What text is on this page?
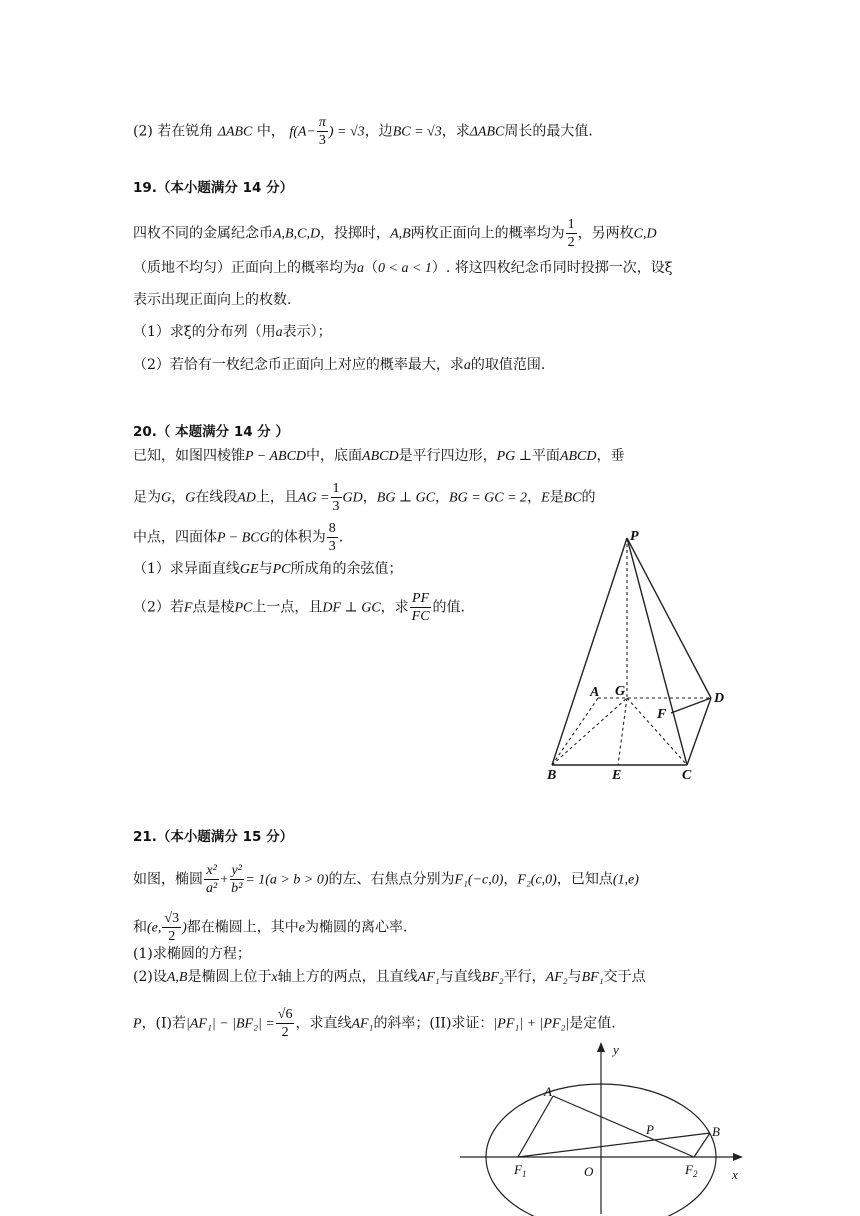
(2) 若在锐角 ΔABC 中， $f(A- \frac{\pi}{3}$ ) = √3，边BC = √3，求ΔABC周长的最大值.
19.（本小题满分 14 分）
四枚不同的金属纪念币A,B,C,D，投掷时，A,B两枚正面向上的概率均为 $\frac{1}{2}$ ，另两枚C,D
（质地不均匀）正面向上的概率均为a（0 < a < 1）. 将这四枚纪念币同时投掷一次，设ξ
表示出现正面向上的枚数.
（1）求ξ的分布列（用a表示）；
（2）若恰有一枚纪念币正面向上对应的概率最大，求a的取值范围.
20.（ 本题满分 14 分 ）
已知，如图四棱锥P − ABCD中，底面ABCD是平行四边形，PG ⊥平面ABCD，垂
足为G，G在线段AD上，且AG = $\frac{1}{3}$ GD，BG ⊥ GC，BG = GC = 2，E是BC的
中点，四面体P − BCG的体积为 $\frac{8}{3}$ .
（1）求异面直线GE与PC所成角的余弦值；
（2）若F点是棱PC上一点，且DF ⊥ GC，求 $\frac{PF}{FC}$ 的值.
P
A G	D
F
B	E	C
21.（本小题满分 15 分）
如图，椭圆 $\frac{\text{x²}}{\text{a²}} + \frac{\text{y²}}{\text{b²}} = 1(a > b > 0)$的左、右焦点分别为F₁(−c,0)，F₂(c,0)，已知点(1,e)
和(e, $\frac{√3}{2}$ )都在椭圆上，其中e为椭圆的离心率.
(1)求椭圆的方程；
(2)设A,B是椭圆上位于x轴上方的两点，且直线AF₁与直线BF₂平行，AF₂与BF₁交于点
P，(I)若$|AF_1| - |BF_2| = \frac{√6}{2}$ ，求直线AF₁的斜率；(II)求证：|PF₁| + |PF₂|是定值.
y
x
A
P	B
O
$F_1$	$F_2$
